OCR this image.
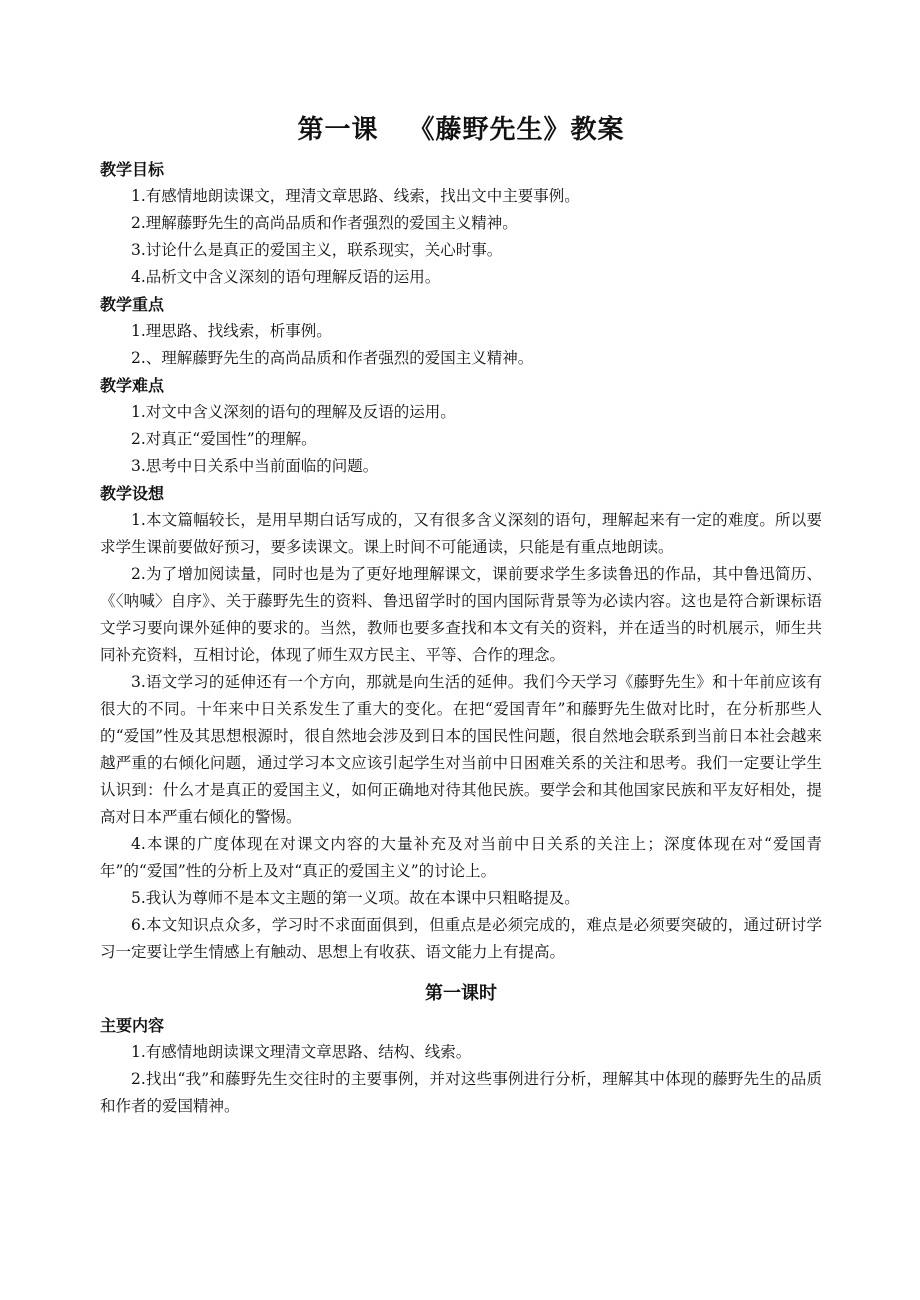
第一课 《藤野先生》教案

教学目标

1.有感情地朗读课文，理清文章思路、线索，找出文中主要事例。

2.理解藤野先生的高尚品质和作者强烈的爱国主义精神。

3.讨论什么是真正的爱国主义，联系现实，关心时事。

4.品析文中含义深刻的语句理解反语的运用。

教学重点

1.理思路、找线索，析事例。

2.、理解藤野先生的高尚品质和作者强烈的爱国主义精神。

教学难点

1.对文中含义深刻的语句的理解及反语的运用。

2.对真正“爱国性”的理解。

3.思考中日关系中当前面临的问题。

教学设想

1.本文篇幅较长，是用早期白话写成的，又有很多含义深刻的语句，理解起来有一定的难度。所以要求学生课前要做好预习，要多读课文。课上时间不可能通读，只能是有重点地朗读。

2.为了增加阅读量，同时也是为了更好地理解课文，课前要求学生多读鲁迅的作品，其中鲁迅简历、《〈呐喊〉自序》、关于藤野先生的资料、鲁迅留学时的国内国际背景等为必读内容。这也是符合新课标语文学习要向课外延伸的要求的。当然，教师也要多查找和本文有关的资料，并在适当的时机展示，师生共同补充资料，互相讨论，体现了师生双方民主、平等、合作的理念。

3.语文学习的延伸还有一个方向，那就是向生活的延伸。我们今天学习《藤野先生》和十年前应该有很大的不同。十年来中日关系发生了重大的变化。在把“爱国青年”和藤野先生做对比时，在分析那些人的“爱国”性及其思想根源时，很自然地会涉及到日本的国民性问题，很自然地会联系到当前日本社会越来越严重的右倾化问题，通过学习本文应该引起学生对当前中日困难关系的关注和思考。我们一定要让学生认识到：什么才是真正的爱国主义，如何正确地对待其他民族。要学会和其他国家民族和平友好相处，提高对日本严重右倾化的警惕。

4.本课的广度体现在对课文内容的大量补充及对当前中日关系的关注上；深度体现在对“爱国青年”的“爱国”性的分析上及对“真正的爱国主义”的讨论上。

5.我认为尊师不是本文主题的第一义项。故在本课中只粗略提及。

6.本文知识点众多，学习时不求面面俱到，但重点是必须完成的，难点是必须要突破的，通过研讨学习一定要让学生情感上有触动、思想上有收获、语文能力上有提高。

第一课时

主要内容

1.有感情地朗读课文理清文章思路、结构、线索。

2.找出“我”和藤野先生交往时的主要事例，并对这些事例进行分析，理解其中体现的藤野先生的品质和作者的爱国精神。
